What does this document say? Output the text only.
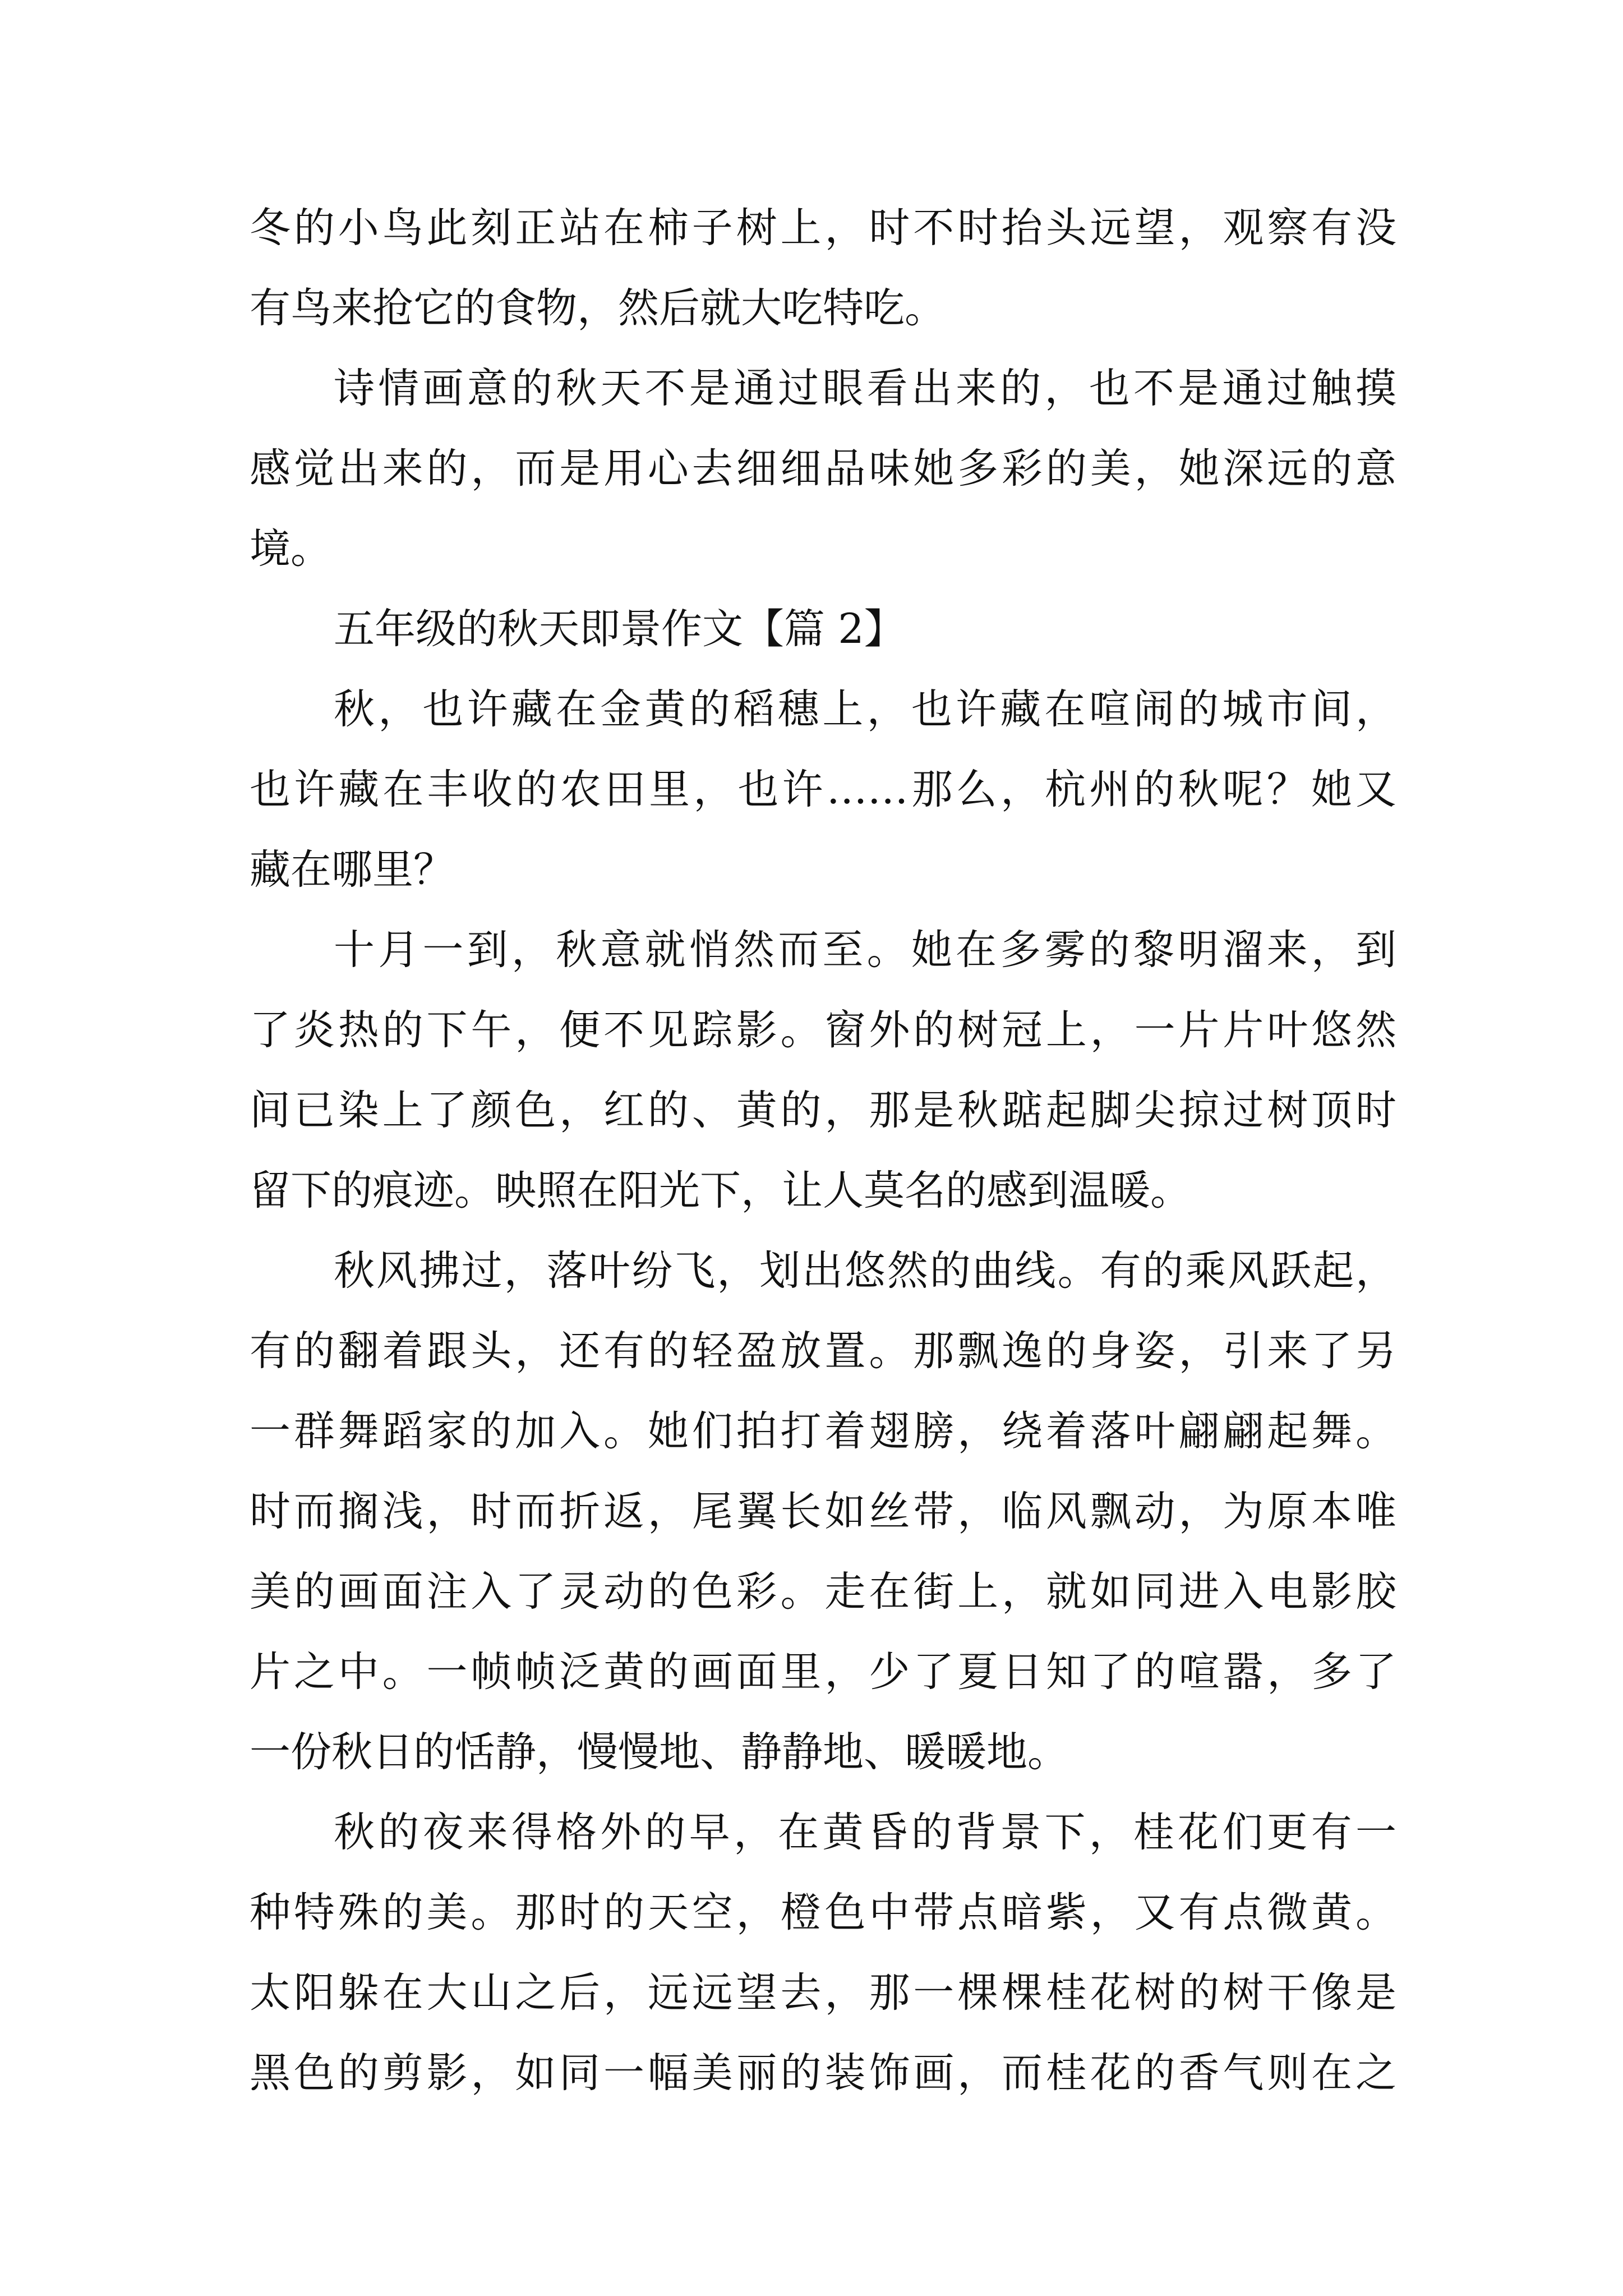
冬的小鸟此刻正站在柿子树上，时不时抬头远望，观察有没
有鸟来抢它的食物，然后就大吃特吃。
诗情画意的秋天不是通过眼看出来的，也不是通过触摸
感觉出来的，而是用心去细细品味她多彩的美，她深远的意
境。
五年级的秋天即景作文【篇 2】
秋，也许藏在金黄的稻穗上，也许藏在喧闹的城市间，
也许藏在丰收的农田里，也许……那么，杭州的秋呢？她又
藏在哪里？
十月一到，秋意就悄然而至。她在多雾的黎明溜来，到
了炎热的下午，便不见踪影。窗外的树冠上，一片片叶悠然
间已染上了颜色，红的、黄的，那是秋踮起脚尖掠过树顶时
留下的痕迹。映照在阳光下，让人莫名的感到温暖。
秋风拂过，落叶纷飞，划出悠然的曲线。有的乘风跃起，
有的翻着跟头，还有的轻盈放置。那飘逸的身姿，引来了另
一群舞蹈家的加入。她们拍打着翅膀，绕着落叶翩翩起舞。
时而搁浅，时而折返，尾翼长如丝带，临风飘动，为原本唯
美的画面注入了灵动的色彩。走在街上，就如同进入电影胶
片之中。一帧帧泛黄的画面里，少了夏日知了的喧嚣，多了
一份秋日的恬静，慢慢地、静静地、暖暖地。
秋的夜来得格外的早，在黄昏的背景下，桂花们更有一
种特殊的美。那时的天空，橙色中带点暗紫，又有点微黄。
太阳躲在大山之后，远远望去，那一棵棵桂花树的树干像是
黑色的剪影，如同一幅美丽的装饰画，而桂花的香气则在之
